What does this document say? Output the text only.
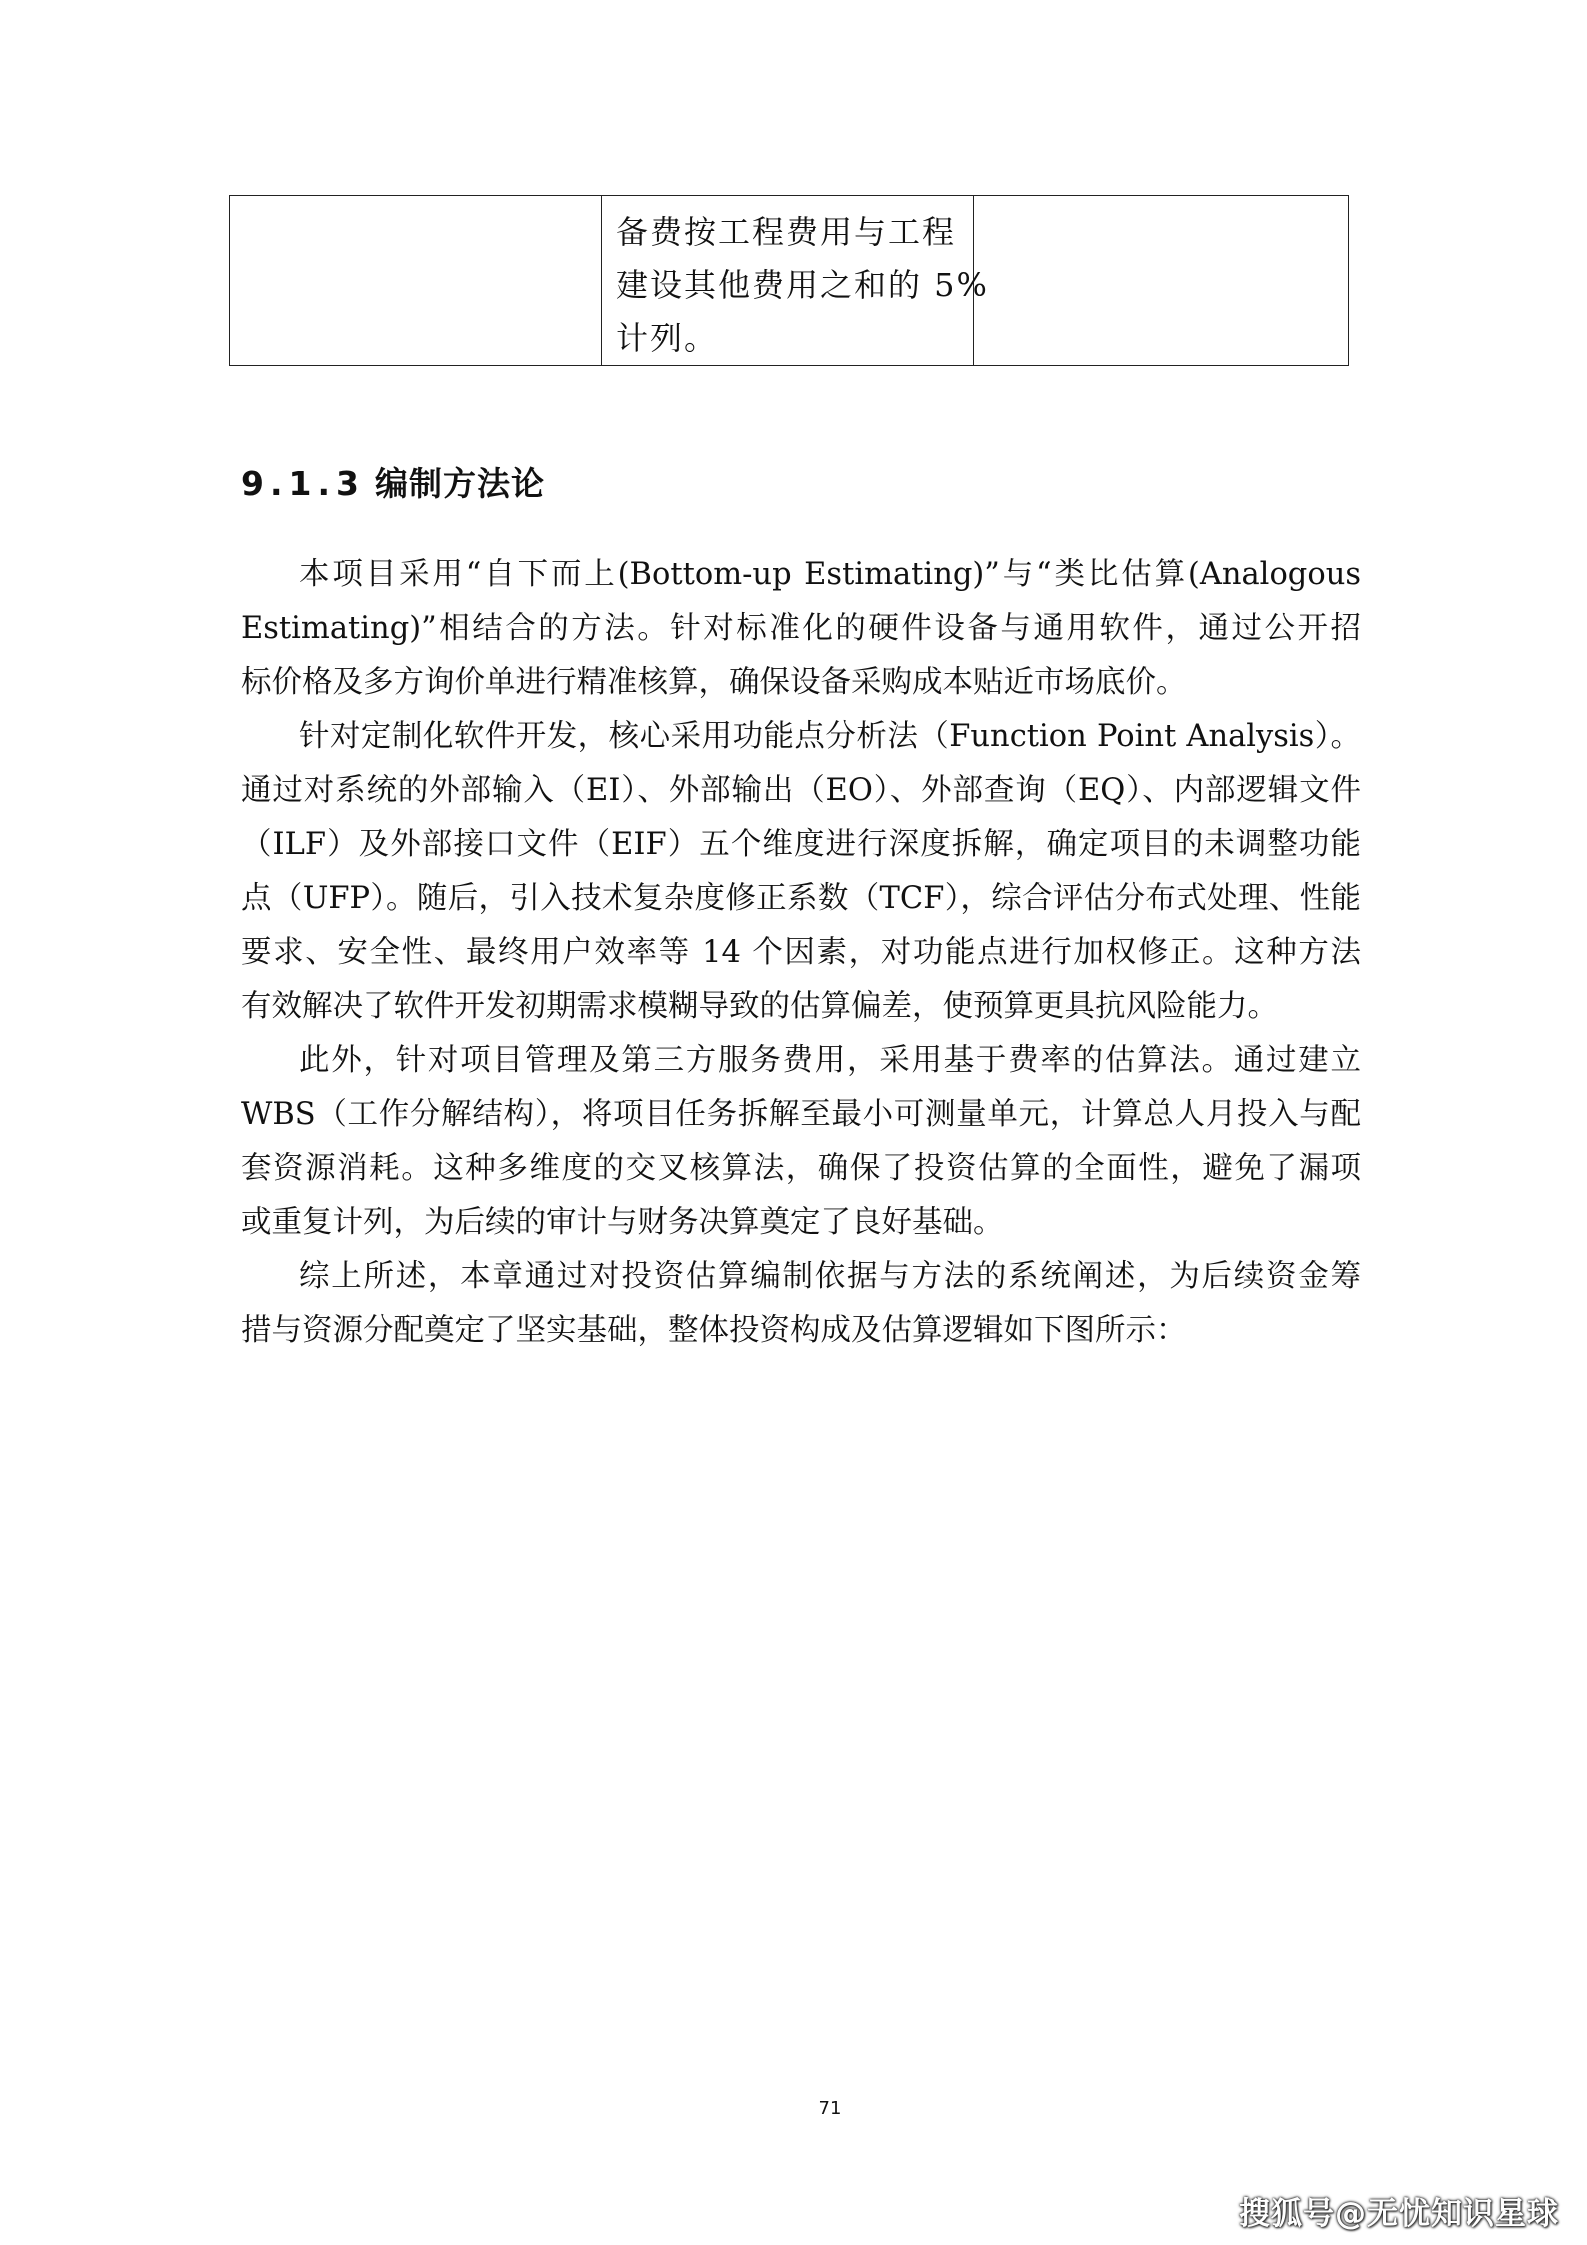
备费按工程费用与工程
建设其他费用之和的 5%
计列。

9.1.3 编制方法论
本项目采用“自下而上(Bottom-up Estimating)”与“类比估算(Analogous
Estimating)”相结合的方法。针对标准化的硬件设备与通用软件，通过公开招
标价格及多方询价单进行精准核算，确保设备采购成本贴近市场底价。
针对定制化软件开发，核心采用功能点分析法（Function Point Analysis）。
通过对系统的外部输入（EI）、外部输出（EO）、外部查询（EQ）、内部逻辑文件
（ILF）及外部接口文件（EIF）五个维度进行深度拆解，确定项目的未调整功能
点（UFP）。随后，引入技术复杂度修正系数（TCF），综合评估分布式处理、性能
要求、安全性、最终用户效率等 14 个因素，对功能点进行加权修正。这种方法
有效解决了软件开发初期需求模糊导致的估算偏差，使预算更具抗风险能力。
此外，针对项目管理及第三方服务费用，采用基于费率的估算法。通过建立
WBS（工作分解结构），将项目任务拆解至最小可测量单元，计算总人月投入与配
套资源消耗。这种多维度的交叉核算法，确保了投资估算的全面性，避免了漏项
或重复计列，为后续的审计与财务决算奠定了良好基础。
综上所述，本章通过对投资估算编制依据与方法的系统阐述，为后续资金筹
措与资源分配奠定了坚实基础，整体投资构成及估算逻辑如下图所示：
71
搜狐号@无忧知识星球
